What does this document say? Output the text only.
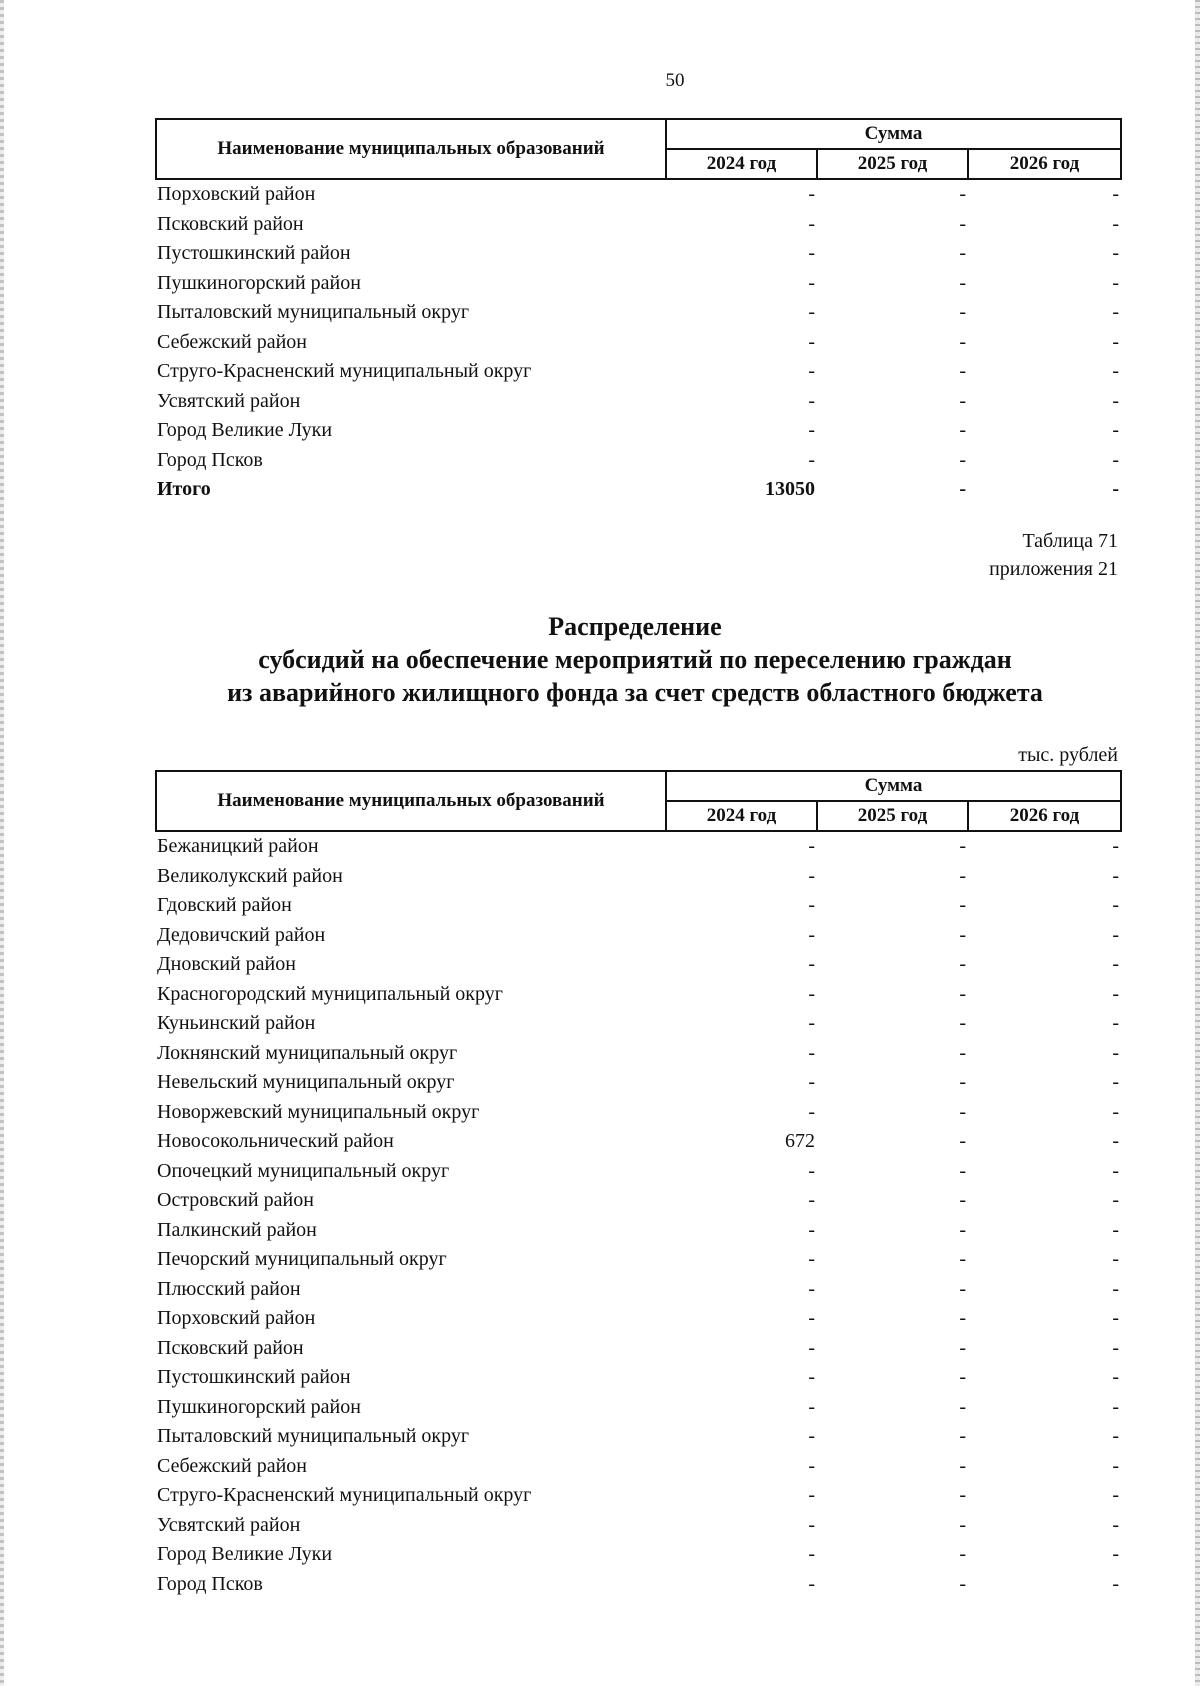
50
Наименование муниципальных образований	Сумма		
	2024 год	2025 год	2026 год
Порховский район	-	-	-
Псковский район	-	-	-
Пустошкинский район	-	-	-
Пушкиногорский район	-	-	-
Пыталовский муниципальный округ	-	-	-
Себежский район	-	-	-
Струго-Красненский муниципальный округ	-	-	-
Усвятский район	-	-	-
Город Великие Луки	-	-	-
Город Псков	-	-	-
Итого	13050	-	-
Таблица 71
приложения 21
Распределение
субсидий на обеспечение мероприятий по переселению граждан
из аварийного жилищного фонда за счет средств областного бюджета
тыс. рублей
Наименование муниципальных образований	Сумма		
	2024 год	2025 год	2026 год
Бежаницкий район	-	-	-
Великолукский район	-	-	-
Гдовский район	-	-	-
Дедовичский район	-	-	-
Дновский район	-	-	-
Красногородский муниципальный округ	-	-	-
Куньинский район	-	-	-
Локнянский муниципальный округ	-	-	-
Невельский муниципальный округ	-	-	-
Новоржевский муниципальный округ	-	-	-
Новосокольнический район	672	-	-
Опочецкий муниципальный округ	-	-	-
Островский район	-	-	-
Палкинский район	-	-	-
Печорский муниципальный округ	-	-	-
Плюсский район	-	-	-
Порховский район	-	-	-
Псковский район	-	-	-
Пустошкинский район	-	-	-
Пушкиногорский район	-	-	-
Пыталовский муниципальный округ	-	-	-
Себежский район	-	-	-
Струго-Красненский муниципальный округ	-	-	-
Усвятский район	-	-	-
Город Великие Луки	-	-	-
Город Псков	-	-	-
